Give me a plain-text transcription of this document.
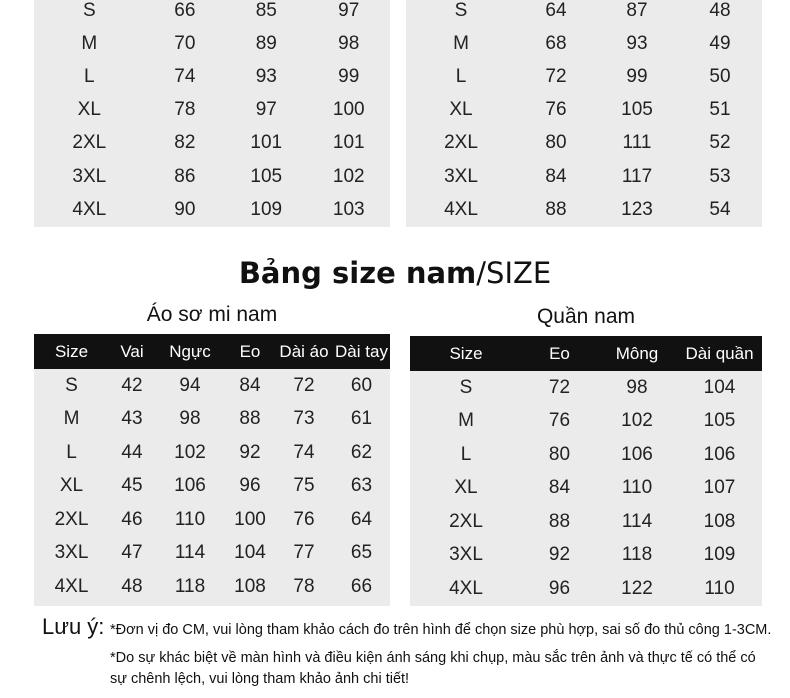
S	66	85	97
M	70	89	98
L	74	93	99
XL	78	97	100
2XL	82	101	101
3XL	86	105	102
4XL	90	109	103
S	64	87	48
M	68	93	49
L	72	99	50
XL	76	105	51
2XL	80	111	52
3XL	84	117	53
4XL	88	123	54
Bảng size nam/SIZE
Áo sơ mi nam
Size	Vai	Ngực	Eo	Dài áo	Dài tay
S	42	94	84	72	60
M	43	98	88	73	61
L	44	102	92	74	62
XL	45	106	96	75	63
2XL	46	110	100	76	64
3XL	47	114	104	77	65
4XL	48	118	108	78	66
Quần nam
Size	Eo	Mông	Dài quần
S	72	98	104
M	76	102	105
L	80	106	106
XL	84	110	107
2XL	88	114	108
3XL	92	118	109
4XL	96	122	110
Lưu ý: *Đơn vị đo CM, vui lòng tham khảo cách đo trên hình để chọn size phù hợp, sai số đo thủ công 1-3CM.
*Do sự khác biệt về màn hình và điều kiện ánh sáng khi chụp, màu sắc trên ảnh và thực tế có thể có sự chênh lệch, vui lòng tham khảo ảnh chi tiết!
